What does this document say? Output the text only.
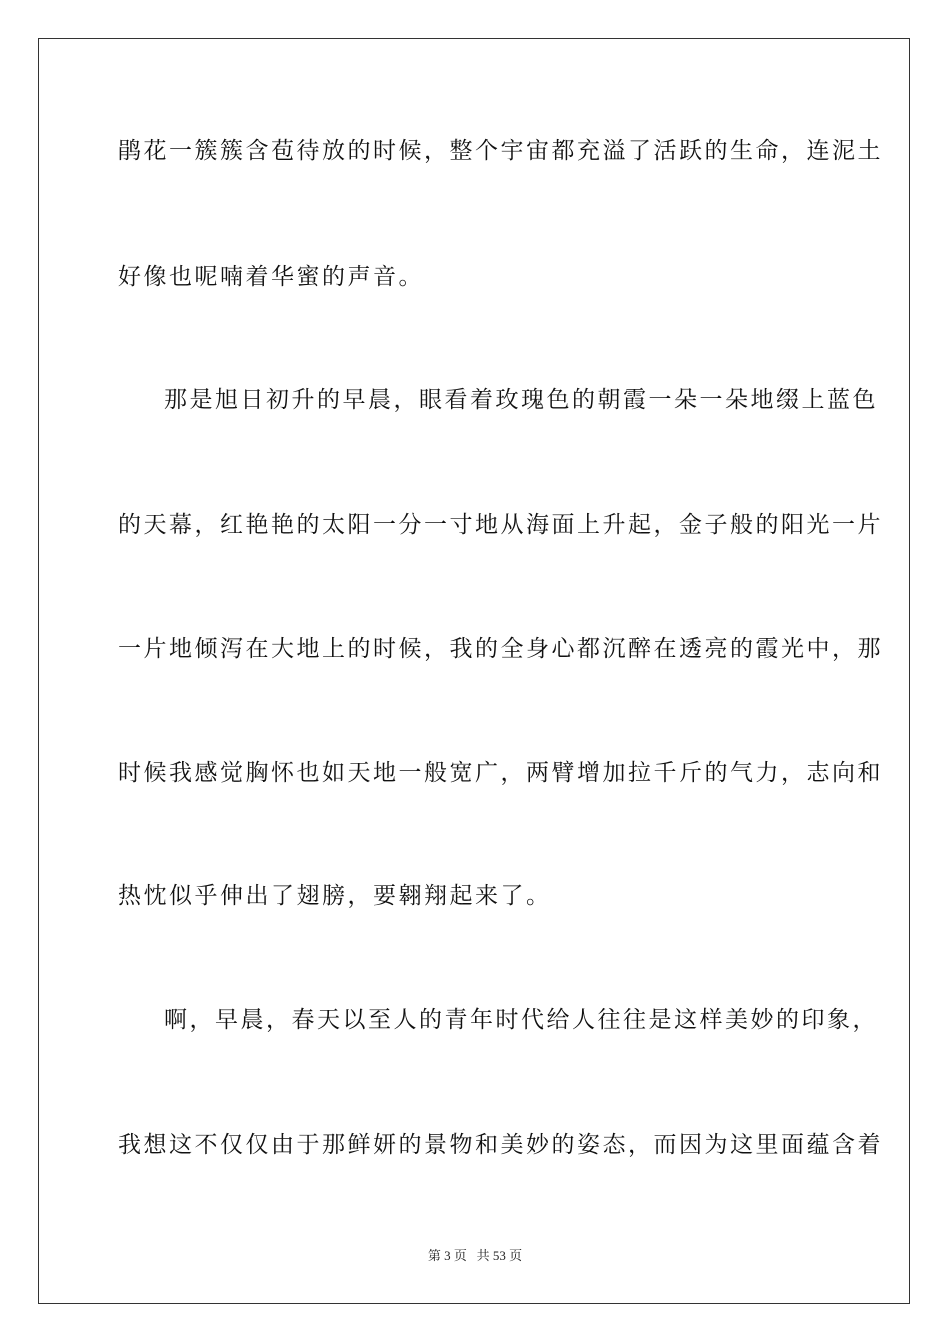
鹃花一簇簇含苞待放的时候，整个宇宙都充溢了活跃的生命，连泥土
好像也呢喃着华蜜的声音。
那是旭日初升的早晨，眼看着玫瑰色的朝霞一朵一朵地缀上蓝色
的天幕，红艳艳的太阳一分一寸地从海面上升起，金子般的阳光一片
一片地倾泻在大地上的时候，我的全身心都沉醉在透亮的霞光中，那
时候我感觉胸怀也如天地一般宽广，两臂增加拉千斤的气力，志向和
热忱似乎伸出了翅膀，要翱翔起来了。
啊，早晨，春天以至人的青年时代给人往往是这样美妙的印象，
我想这不仅仅由于那鲜妍的景物和美妙的姿态，而因为这里面蕴含着
第 3 页 共 53 页
